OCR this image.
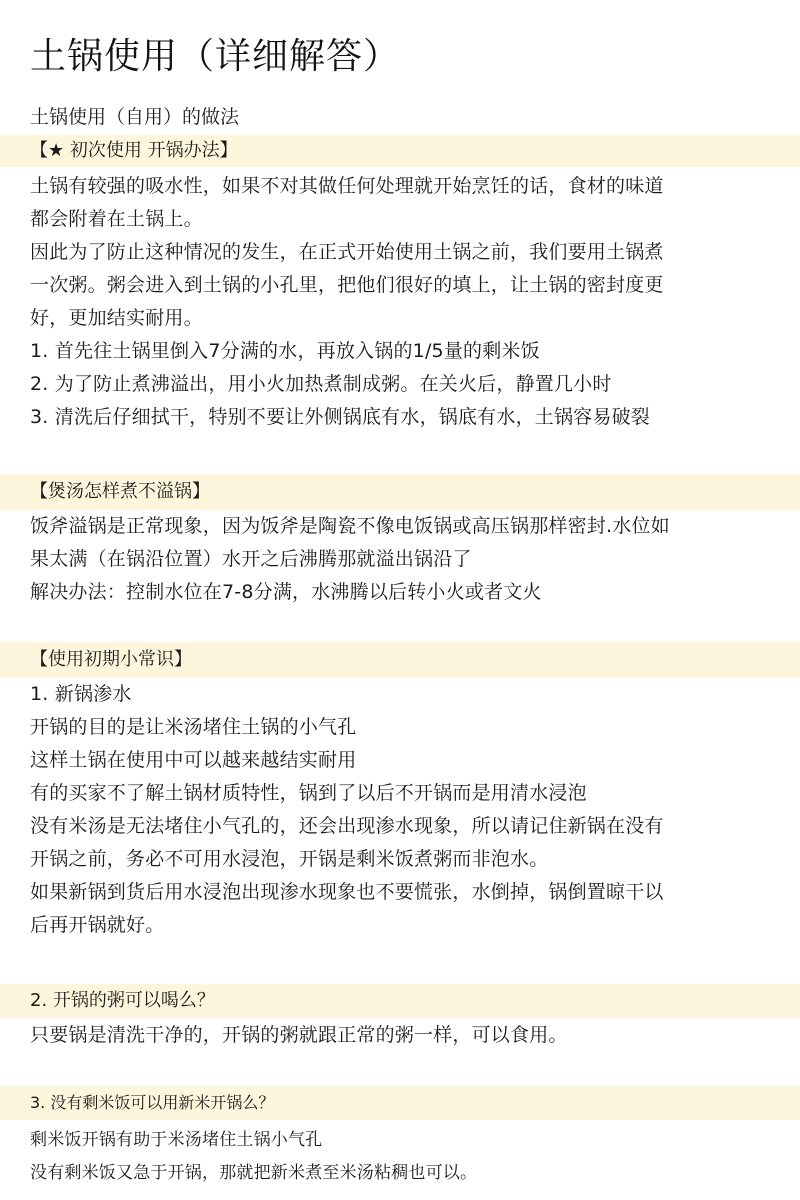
土锅使用（详细解答）
土锅使用（自用）的做法
【★ 初次使用 开锅办法】

土锅有较强的吸水性，如果不对其做任何处理就开始烹饪的话，食材的味道

都会附着在土锅上。

因此为了防止这种情况的发生，在正式开始使用土锅之前，我们要用土锅煮

一次粥。粥会进入到土锅的小孔里，把他们很好的填上，让土锅的密封度更

好，更加结实耐用。

1. 首先往土锅里倒入7分满的水，再放入锅的1/5量的剩米饭

2. 为了防止煮沸溢出，用小火加热煮制成粥。在关火后，静置几小时

3. 清洗后仔细拭干，特别不要让外侧锅底有水，锅底有水，土锅容易破裂

【煲汤怎样煮不溢锅】

饭斧溢锅是正常现象，因为饭斧是陶瓷不像电饭锅或高压锅那样密封.水位如

果太满（在锅沿位置）水开之后沸腾那就溢出锅沿了

解决办法：控制水位在7-8分满，水沸腾以后转小火或者文火

【使用初期小常识】

1. 新锅渗水

开锅的目的是让米汤堵住土锅的小气孔

这样土锅在使用中可以越来越结实耐用

有的买家不了解土锅材质特性，锅到了以后不开锅而是用清水浸泡

没有米汤是无法堵住小气孔的，还会出现渗水现象，所以请记住新锅在没有

开锅之前，务必不可用水浸泡，开锅是剩米饭煮粥而非泡水。

如果新锅到货后用水浸泡出现渗水现象也不要慌张，水倒掉，锅倒置晾干以

后再开锅就好。

2. 开锅的粥可以喝么？

只要锅是清洗干净的，开锅的粥就跟正常的粥一样，可以食用。

3. 没有剩米饭可以用新米开锅么？

剩米饭开锅有助于米汤堵住土锅小气孔

没有剩米饭又急于开锅，那就把新米煮至米汤粘稠也可以。
